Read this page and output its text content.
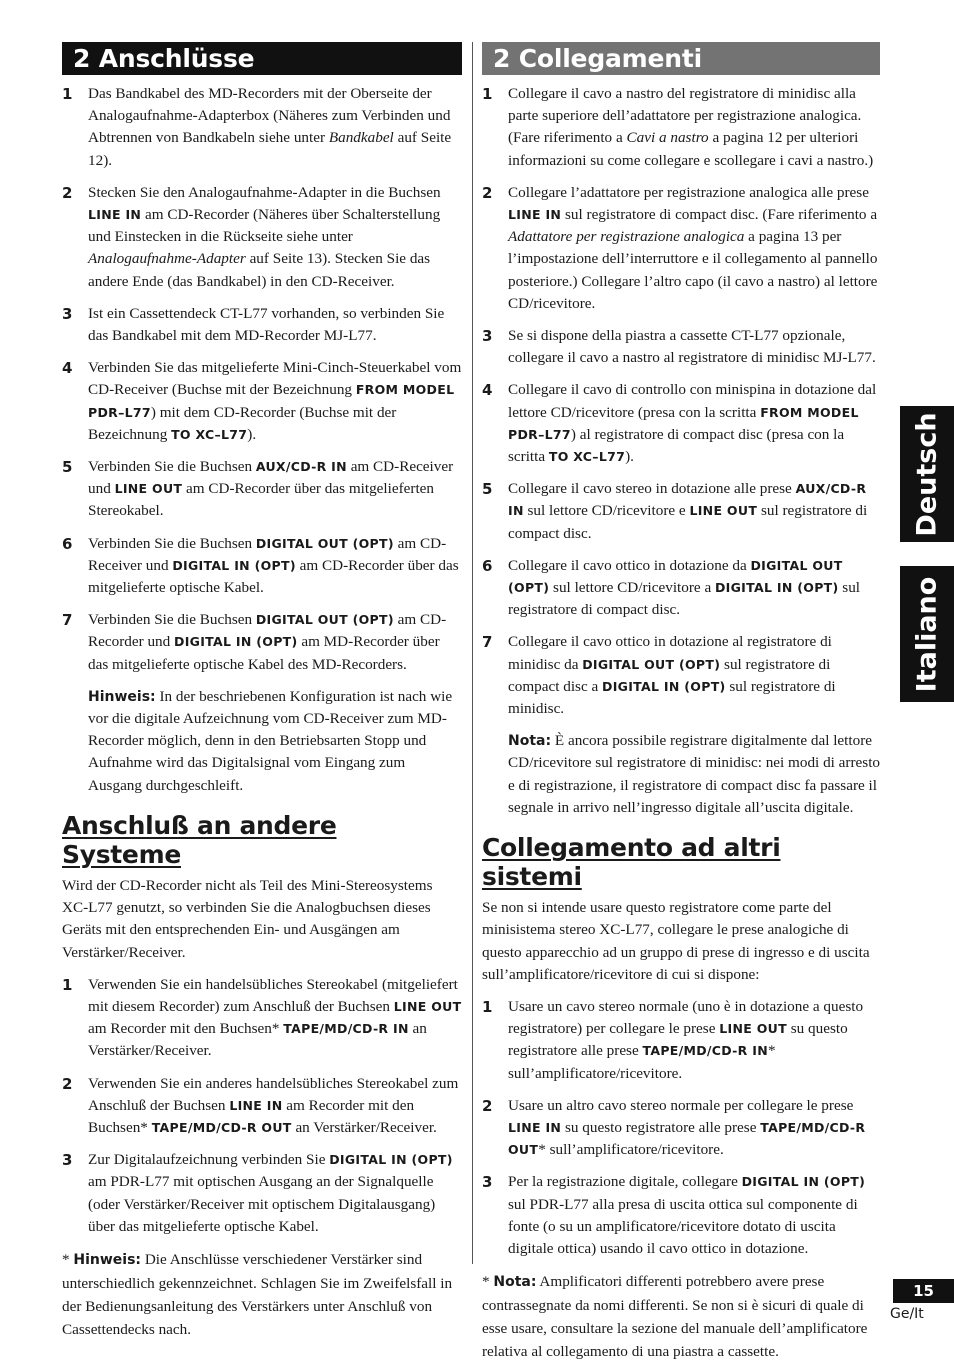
2 Anschlüsse
1	Das Bandkabel des MD-Recorders mit der Oberseite der Analogaufnahme-Adapterbox (Näheres zum Verbinden und Abtrennen von Bandkabeln siehe unter Bandkabel auf Seite 12).
2	Stecken Sie den Analogaufnahme-Adapter in die Buchsen LINE IN am CD-Recorder (Näheres über Schalterstellung und Einstecken in die Rückseite siehe unter Analogaufnahme-Adapter auf Seite 13). Stecken Sie das andere Ende (das Bandkabel) in den CD-Receiver.
3	Ist ein Cassettendeck CT-L77 vorhanden, so verbinden Sie das Bandkabel mit dem MD-Recorder MJ-L77.
4	Verbinden Sie das mitgelieferte Mini-Cinch-Steuerkabel vom CD-Receiver (Buchse mit der Bezeichnung FROM MODEL PDR–L77) mit dem CD-Recorder (Buchse mit der Bezeichnung TO XC–L77).
5	Verbinden Sie die Buchsen AUX/CD-R IN am CD-Receiver und LINE OUT am CD-Recorder über das mitgelieferten Stereokabel.
6	Verbinden Sie die Buchsen DIGITAL OUT (OPT) am CD-Receiver und DIGITAL IN (OPT) am CD-Recorder über das mitgelieferte optische Kabel.
7	Verbinden Sie die Buchsen DIGITAL OUT (OPT) am CD-Recorder und DIGITAL IN (OPT) am MD-Recorder über das mitgelieferte optische Kabel des MD-Recorders.
Hinweis: In der beschriebenen Konfiguration ist nach wie vor die digitale Aufzeichnung vom CD-Receiver zum MD-Recorder möglich, denn in den Betriebsarten Stopp und Aufnahme wird das Digitalsignal vom Eingang zum Ausgang durchgeschleift.
Anschluß an andere Systeme
Wird der CD-Recorder nicht als Teil des Mini-Stereosystems XC-L77 genutzt, so verbinden Sie die Analogbuchsen dieses Geräts mit den entsprechenden Ein- und Ausgängen am Verstärker/Receiver.
1	Verwenden Sie ein handelsübliches Stereokabel (mitgeliefert mit diesem Recorder) zum Anschluß der Buchsen LINE OUT am Recorder mit den Buchsen* TAPE/MD/CD-R IN an Verstärker/Receiver.
2	Verwenden Sie ein anderes handelsübliches Stereokabel zum Anschluß der Buchsen LINE IN am Recorder mit den Buchsen* TAPE/MD/CD-R OUT an Verstärker/Receiver.
3	Zur Digitalaufzeichnung verbinden Sie DIGITAL IN (OPT) am PDR-L77 mit optischen Ausgang an der Signalquelle (oder Verstärker/Receiver mit optischem Digitalausgang) über das mitgelieferte optische Kabel.
* Hinweis: Die Anschlüsse verschiedener Verstärker sind unterschiedlich gekennzeichnet. Schlagen Sie im Zweifelsfall in der Bedienungsanleitung des Verstärkers unter Anschluß von Cassettendecks nach.
2 Collegamenti
1	Collegare il cavo a nastro del registratore di minidisc alla parte superiore dell’adattatore per registrazione analogica. (Fare riferimento a Cavi a nastro a pagina 12 per ulteriori informazioni su come collegare e scollegare i cavi a nastro.)
2	Collegare l’adattatore per registrazione analogica alle prese LINE IN sul registratore di compact disc. (Fare riferimento a Adattatore per registrazione analogica a pagina 13 per l’impostazione dell’interruttore e il collegamento al pannello posteriore.) Collegare l’altro capo (il cavo a nastro) al lettore CD/ricevitore.
3	Se si dispone della piastra a cassette CT-L77 opzionale, collegare il cavo a nastro al registratore di minidisc MJ-L77.
4	Collegare il cavo di controllo con minispina in dotazione dal lettore CD/ricevitore (presa con la scritta FROM MODEL PDR–L77) al registratore di compact disc (presa con la scritta TO XC–L77).
5	Collegare il cavo stereo in dotazione alle prese AUX/CD-R IN sul lettore CD/ricevitore e LINE OUT sul registratore di compact disc.
6	Collegare il cavo ottico in dotazione da DIGITAL OUT (OPT) sul lettore CD/ricevitore a DIGITAL IN (OPT) sul registratore di compact disc.
7	Collegare il cavo ottico in dotazione al registratore di minidisc da DIGITAL OUT (OPT) sul registratore di compact disc a DIGITAL IN (OPT) sul registratore di minidisc.
Nota: È ancora possibile registrare digitalmente dal lettore CD/ricevitore sul registratore di minidisc: nei modi di arresto e di registrazione, il registratore di compact disc fa passare il segnale in arrivo nell’ingresso digitale all’uscita digitale.
Collegamento ad altri sistemi
Se non si intende usare questo registratore come parte del minisistema stereo XC-L77, collegare le prese analogiche di questo apparecchio ad un gruppo di prese di ingresso e di uscita sull’amplificatore/ricevitore di cui si dispone:
1	Usare un cavo stereo normale (uno è in dotazione a questo registratore) per collegare le prese LINE OUT su questo registratore alle prese TAPE/MD/CD-R IN* sull’amplificatore/ricevitore.
2	Usare un altro cavo stereo normale per collegare le prese LINE IN su questo registratore alle prese TAPE/MD/CD-R OUT* sull’amplificatore/ricevitore.
3	Per la registrazione digitale, collegare DIGITAL IN (OPT) sul PDR-L77 alla presa di uscita ottica sul componente di fonte (o su un amplificatore/ricevitore dotato di uscita digitale ottica) usando il cavo ottico in dotazione.
* Nota: Amplificatori differenti potrebbero avere prese contrassegnate da nomi differenti. Se non si è sicuri di quale di esse usare, consultare la sezione del manuale dell’amplificatore relativa al collegamento di una piastra a cassette.
Deutsch
Italiano
15
Ge/It
